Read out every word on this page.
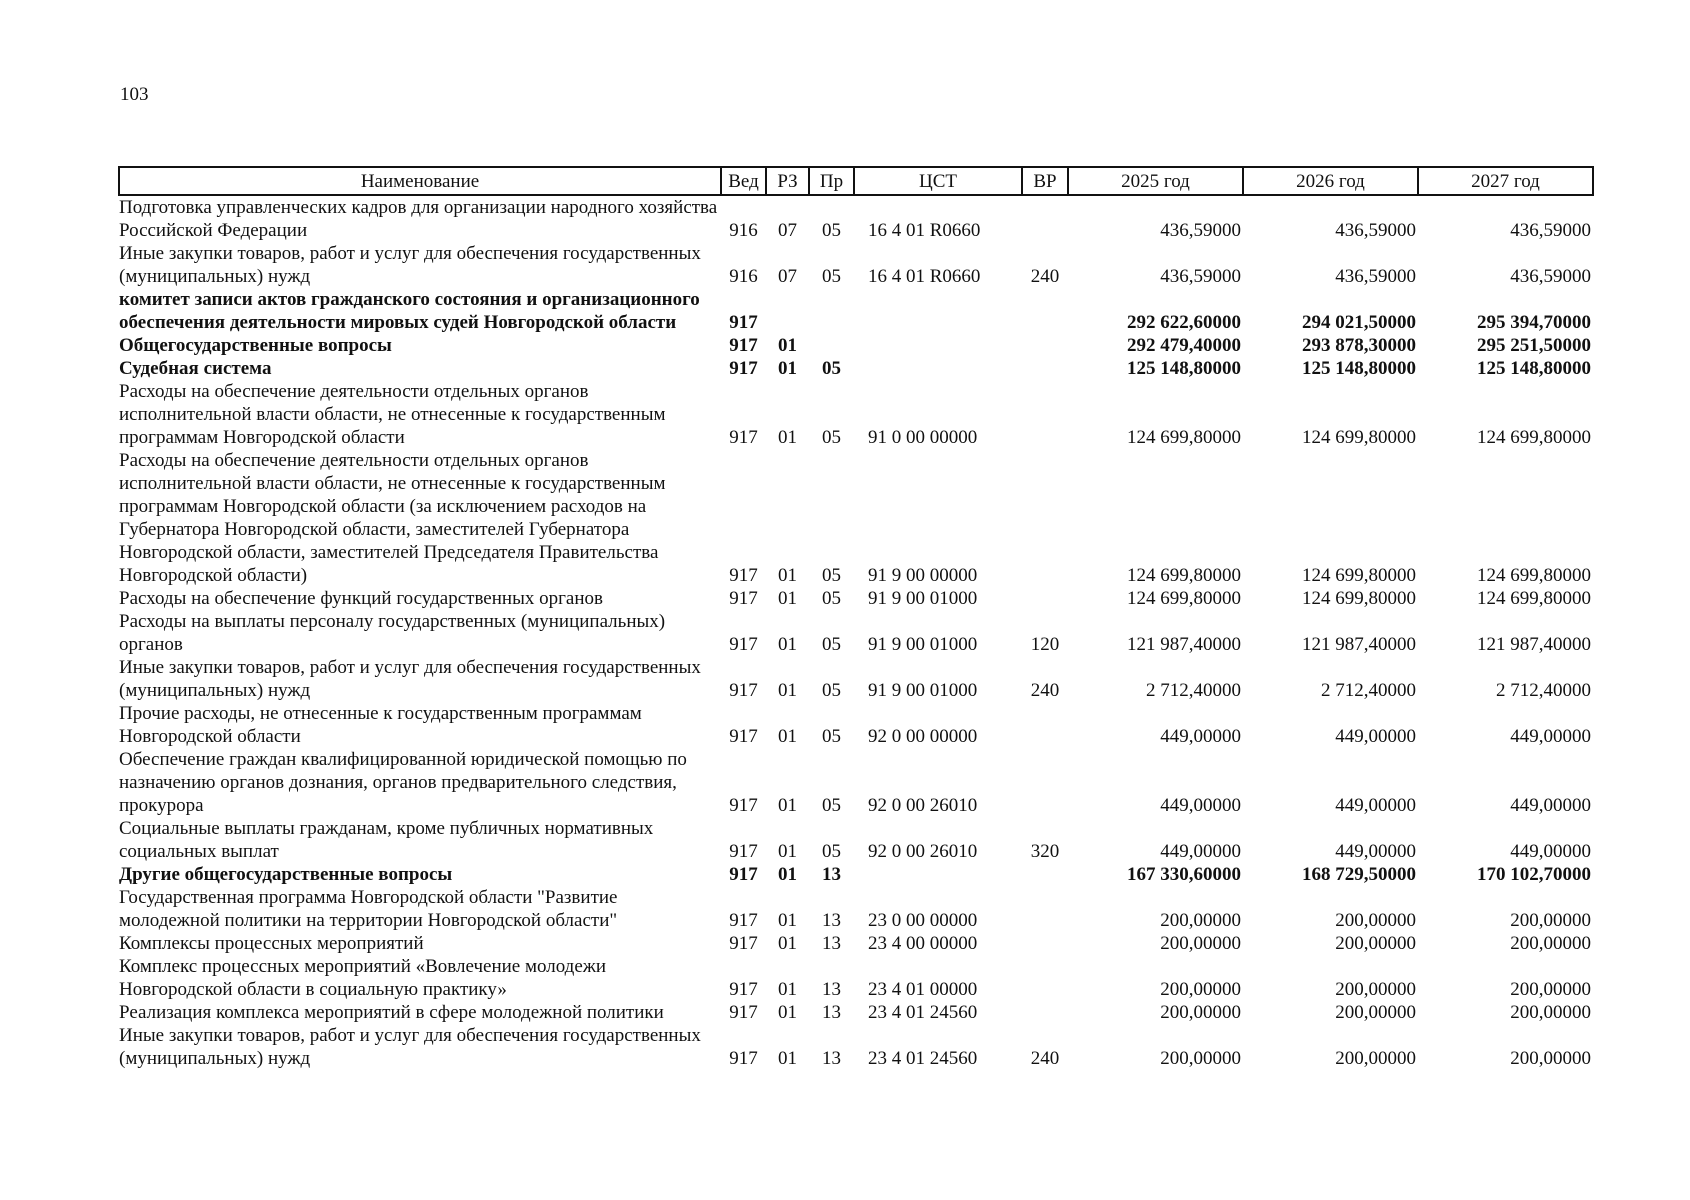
103
Наименование	Вед	РЗ	Пр	ЦСТ	ВР	2025 год	2026 год	2027 год
Подготовка управленческих кадров для организации народного хозяйства Российской Федерации	916	07	05	16 4 01 R0660		436,59000	436,59000	436,59000
Иные закупки товаров, работ и услуг для обеспечения государственных (муниципальных) нужд	916	07	05	16 4 01 R0660	240	436,59000	436,59000	436,59000
комитет записи актов гражданского состояния и организационного обеспечения деятельности мировых судей Новгородской области	917					292 622,60000	294 021,50000	295 394,70000
Общегосударственные вопросы	917	01				292 479,40000	293 878,30000	295 251,50000
Судебная система	917	01	05			125 148,80000	125 148,80000	125 148,80000
Расходы на обеспечение деятельности отдельных органов исполнительной власти области, не отнесенные к государственным программам Новгородской области	917	01	05	91 0 00 00000		124 699,80000	124 699,80000	124 699,80000
Расходы на обеспечение деятельности отдельных органов исполнительной власти области, не отнесенные к государственным программам Новгородской области (за исключением расходов на Губернатора Новгородской области, заместителей Губернатора Новгородской области, заместителей Председателя Правительства Новгородской области)	917	01	05	91 9 00 00000		124 699,80000	124 699,80000	124 699,80000
Расходы на обеспечение функций государственных органов	917	01	05	91 9 00 01000		124 699,80000	124 699,80000	124 699,80000
Расходы на выплаты персоналу государственных (муниципальных) органов	917	01	05	91 9 00 01000	120	121 987,40000	121 987,40000	121 987,40000
Иные закупки товаров, работ и услуг для обеспечения государственных (муниципальных) нужд	917	01	05	91 9 00 01000	240	2 712,40000	2 712,40000	2 712,40000
Прочие расходы, не отнесенные к государственным программам Новгородской области	917	01	05	92 0 00 00000		449,00000	449,00000	449,00000
Обеспечение граждан квалифицированной юридической помощью по назначению органов дознания, органов предварительного следствия, прокурора	917	01	05	92 0 00 26010		449,00000	449,00000	449,00000
Социальные выплаты гражданам, кроме публичных нормативных социальных выплат	917	01	05	92 0 00 26010	320	449,00000	449,00000	449,00000
Другие общегосударственные вопросы	917	01	13			167 330,60000	168 729,50000	170 102,70000
Государственная программа Новгородской области "Развитие молодежной политики на территории Новгородской области"	917	01	13	23 0 00 00000		200,00000	200,00000	200,00000
Комплексы процессных мероприятий	917	01	13	23 4 00 00000		200,00000	200,00000	200,00000
Комплекс процессных мероприятий «Вовлечение молодежи Новгородской области в социальную практику»	917	01	13	23 4 01 00000		200,00000	200,00000	200,00000
Реализация комплекса мероприятий в сфере молодежной политики	917	01	13	23 4 01 24560		200,00000	200,00000	200,00000
Иные закупки товаров, работ и услуг для обеспечения государственных (муниципальных) нужд	917	01	13	23 4 01 24560	240	200,00000	200,00000	200,00000
